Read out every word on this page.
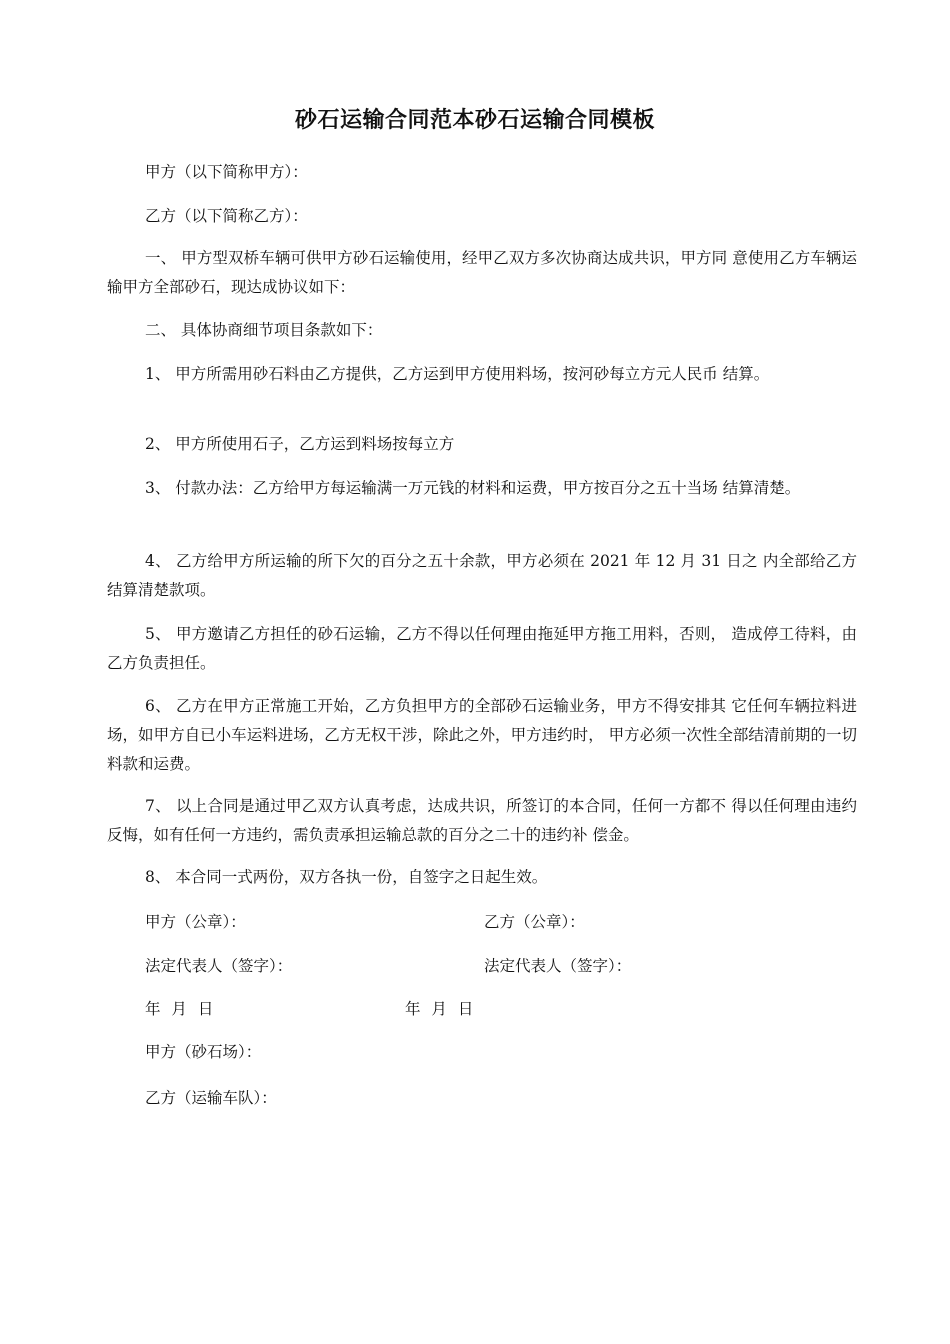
砂石运输合同范本砂石运输合同模板

甲方（以下简称甲方）：

乙方（以下简称乙方）：

一、 甲方型双桥车辆可供甲方砂石运输使用，经甲乙双方多次协商达成共识，甲方同 意使用乙方车辆运输甲方全部砂石，现达成协议如下：

二、 具体协商细节项目条款如下：

1、 甲方所需用砂石料由乙方提供，乙方运到甲方使用料场，按河砂每立方元人民币 结算。

2、 甲方所使用石子，乙方运到料场按每立方

3、 付款办法：乙方给甲方每运输满一万元钱的材料和运费，甲方按百分之五十当场 结算清楚。

4、 乙方给甲方所运输的所下欠的百分之五十余款，甲方必须在 2021 年 12 月 31 日之 内全部给乙方结算清楚款项。

5、 甲方邀请乙方担任的砂石运输，乙方不得以任何理由拖延甲方拖工用料，否则， 造成停工待料，由乙方负责担任。

6、 乙方在甲方正常施工开始，乙方负担甲方的全部砂石运输业务，甲方不得安排其 它任何车辆拉料进场，如甲方自已小车运料进场，乙方无权干涉，除此之外，甲方违约时， 甲方必须一次性全部结清前期的一切料款和运费。

7、 以上合同是通过甲乙双方认真考虑，达成共识，所签订的本合同，任何一方都不 得以任何理由违约反悔，如有任何一方违约，需负责承担运输总款的百分之二十的违约补 偿金。

8、 本合同一式两份，双方各执一份，自签字之日起生效。

甲方（公章）：	乙方（公章）：
法定代表人（签字）：	法定代表人（签字）：
年 月 日	年 月 日
甲方（砂石场）：
乙方（运输车队）：
